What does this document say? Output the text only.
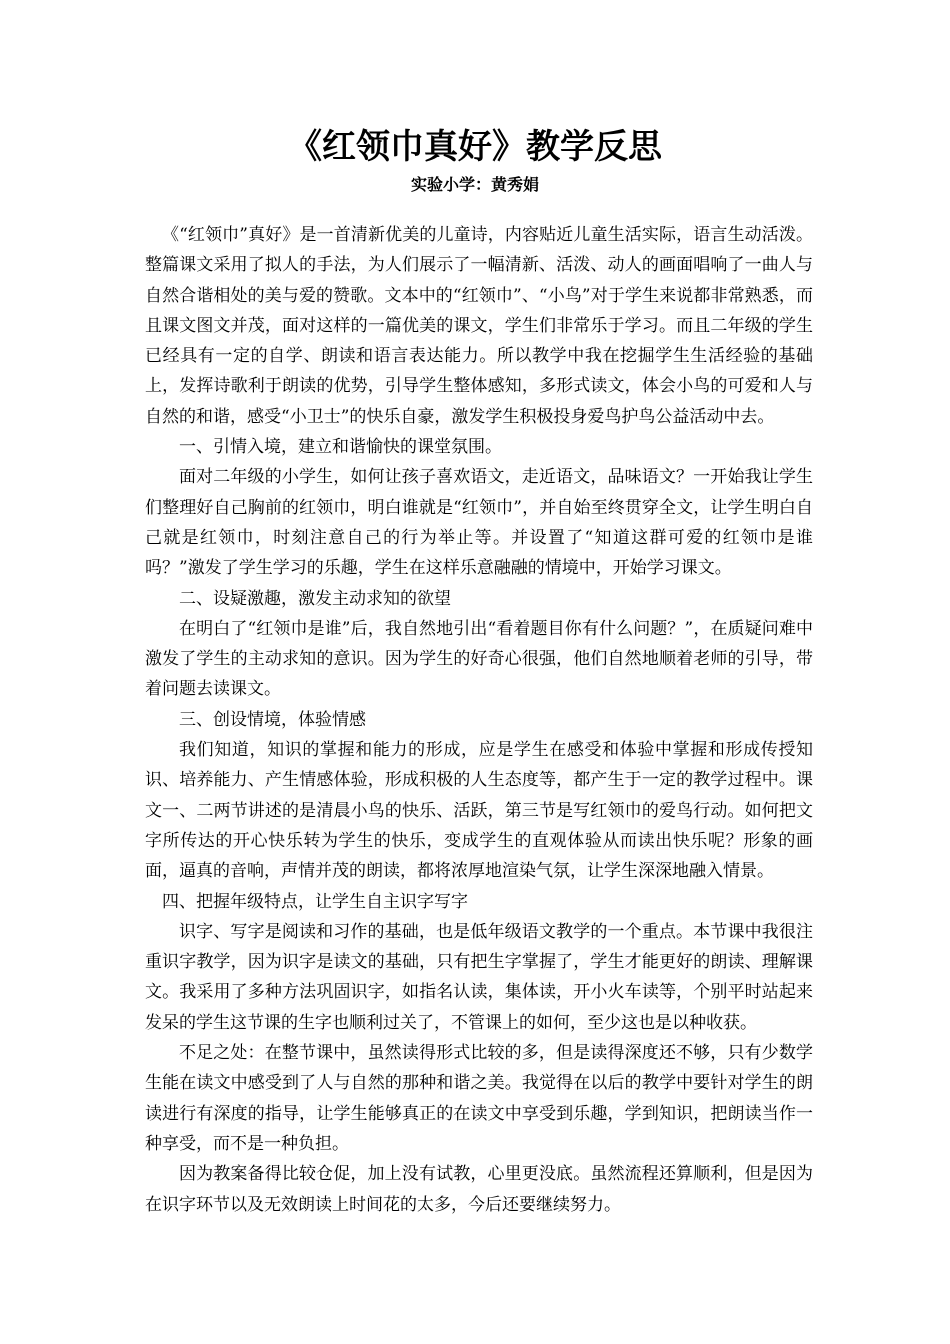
《红领巾真好》教学反思
实验小学：黄秀娟

《“红领巾”真好》是一首清新优美的儿童诗，内容贴近儿童生活实际，语言生动活泼。整篇课文采用了拟人的手法，为人们展示了一幅清新、活泼、动人的画面唱响了一曲人与自然合谐相处的美与爱的赞歌。文本中的“红领巾”、“小鸟”对于学生来说都非常熟悉，而且课文图文并茂，面对这样的一篇优美的课文，学生们非常乐于学习。而且二年级的学生已经具有一定的自学、朗读和语言表达能力。所以教学中我在挖掘学生生活经验的基础上，发挥诗歌利于朗读的优势，引导学生整体感知，多形式读文，体会小鸟的可爱和人与自然的和谐，感受“小卫士”的快乐自豪，激发学生积极投身爱鸟护鸟公益活动中去。

一、引情入境，建立和谐愉快的课堂氛围。

面对二年级的小学生，如何让孩子喜欢语文，走近语文，品味语文？一开始我让学生们整理好自己胸前的红领巾，明白谁就是“红领巾”，并自始至终贯穿全文，让学生明白自己就是红领巾，时刻注意自己的行为举止等。并设置了“知道这群可爱的红领巾是谁吗？”激发了学生学习的乐趣，学生在这样乐意融融的情境中，开始学习课文。

二、设疑激趣，激发主动求知的欲望

在明白了“红领巾是谁”后，我自然地引出“看着题目你有什么问题？”，在质疑问难中激发了学生的主动求知的意识。因为学生的好奇心很强，他们自然地顺着老师的引导，带着问题去读课文。

三、创设情境，体验情感

我们知道，知识的掌握和能力的形成，应是学生在感受和体验中掌握和形成传授知识、培养能力、产生情感体验，形成积极的人生态度等，都产生于一定的教学过程中。课文一、二两节讲述的是清晨小鸟的快乐、活跃，第三节是写红领巾的爱鸟行动。如何把文字所传达的开心快乐转为学生的快乐，变成学生的直观体验从而读出快乐呢？形象的画面，逼真的音响，声情并茂的朗读，都将浓厚地渲染气氛，让学生深深地融入情景。

四、把握年级特点，让学生自主识字写字

识字、写字是阅读和习作的基础，也是低年级语文教学的一个重点。本节课中我很注重识字教学，因为识字是读文的基础，只有把生字掌握了，学生才能更好的朗读、理解课文。我采用了多种方法巩固识字，如指名认读，集体读，开小火车读等，个别平时站起来发呆的学生这节课的生字也顺利过关了，不管课上的如何，至少这也是以种收获。

不足之处：在整节课中，虽然读得形式比较的多，但是读得深度还不够，只有少数学生能在读文中感受到了人与自然的那种和谐之美。我觉得在以后的教学中要针对学生的朗读进行有深度的指导，让学生能够真正的在读文中享受到乐趣，学到知识，把朗读当作一种享受，而不是一种负担。

因为教案备得比较仓促，加上没有试教，心里更没底。虽然流程还算顺利，但是因为在识字环节以及无效朗读上时间花的太多，今后还要继续努力。
